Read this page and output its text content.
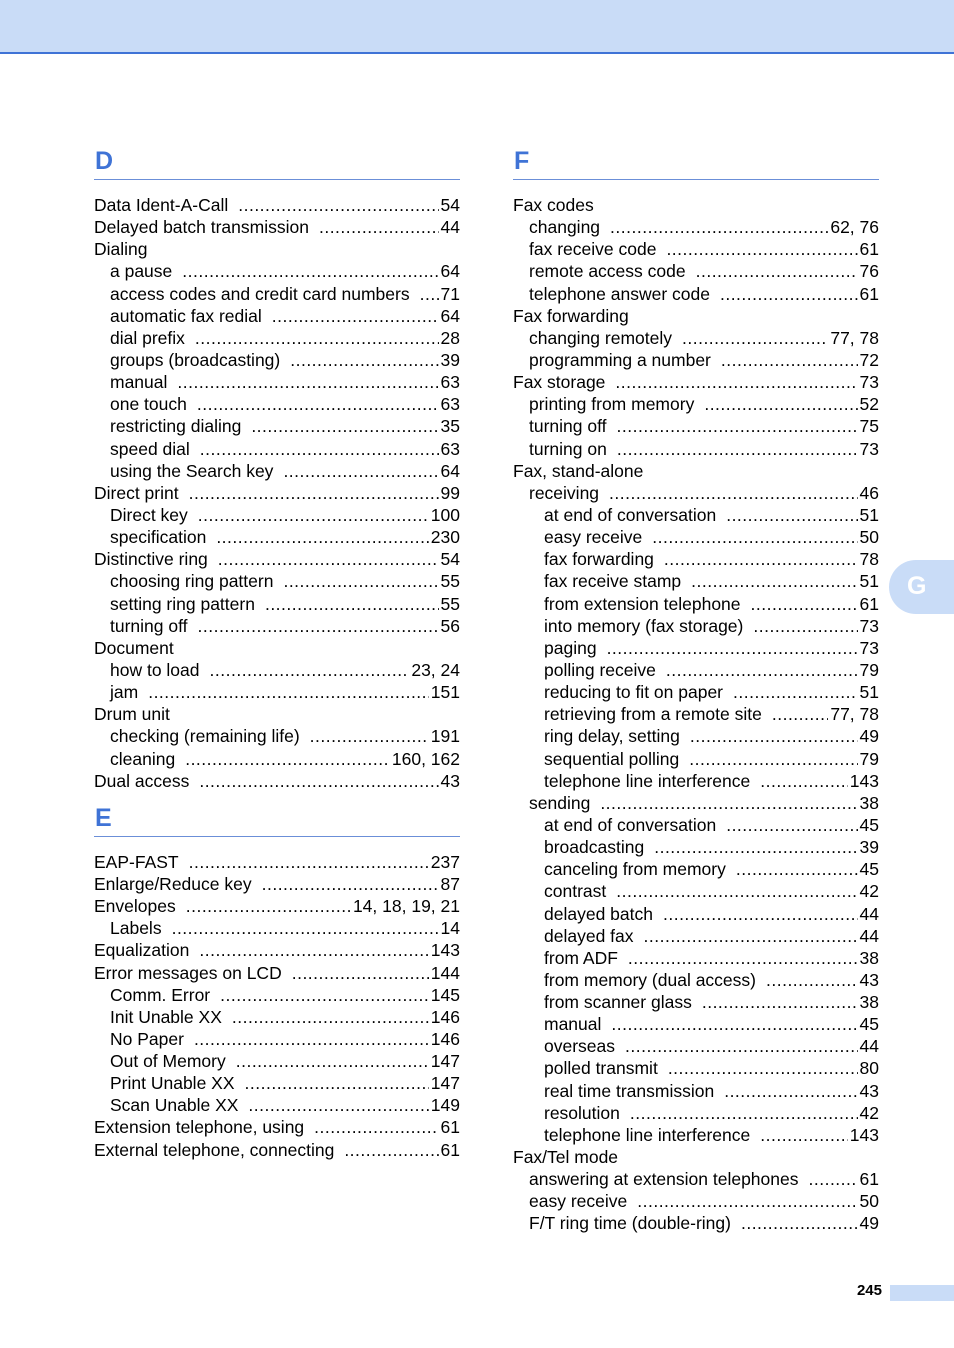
D
Data Ident-A-Call .....	54
Delayed batch transmission .....	44
Dialing
a pause .....	64
access codes and credit card numbers ..... 71
automatic fax redial .....	64
dial prefix .....	28
groups (broadcasting) .....	39
manual .....	63
one touch .....	63
restricting dialing .....	35
speed dial .....	63
using the Search key .....	64
Direct print .....	99
Direct key .....	100
specification .....	230
Distinctive ring .....	54
choosing ring pattern .....	55
setting ring pattern .....	55
turning off .....	56
Document
how to load .....	23, 24
jam .....	151
Drum unit
checking (remaining life) .....	191
cleaning .....	160, 162
Dual access .....	43
E
EAP-FAST .....	237
Enlarge/Reduce key .....	87
Envelopes .....	14, 18, 19, 21
Labels .....	14
Equalization .....	143
Error messages on LCD .....	144
Comm. Error .....	145
Init Unable XX .....	146
No Paper .....	146
Out of Memory .....	147
Print Unable XX .....	147
Scan Unable XX .....	149
Extension telephone, using .....	61
External telephone, connecting .....	61
F
Fax codes
changing .....	62, 76
fax receive code .....	61
remote access code .....	76
telephone answer code .....	61
Fax forwarding
changing remotely .....	77, 78
programming a number .....	72
Fax storage .....	73
printing from memory .....	52
turning off .....	75
turning on .....	73
Fax, stand-alone
receiving .....	46
at end of conversation .....	51
easy receive .....	50
fax forwarding .....	78
fax receive stamp .....	51
from extension telephone .....	61
into memory (fax storage) .....	73
paging .....	73
polling receive .....	79
reducing to fit on paper .....	51
retrieving from a remote site .....	77, 78
ring delay, setting .....	49
sequential polling .....	79
telephone line interference .....	143
sending .....	38
at end of conversation .....	45
broadcasting .....	39
canceling from memory .....	45
contrast .....	42
delayed batch .....	44
delayed fax .....	44
from ADF .....	38
from memory (dual access) .....	43
from scanner glass .....	38
manual .....	45
overseas .....	44
polled transmit .....	80
real time transmission .....	43
resolution .....	42
telephone line interference .....	143
Fax/Tel mode
answering at extension telephones .....	61
easy receive .....	50
F/T ring time (double-ring) .....	49
G
245
